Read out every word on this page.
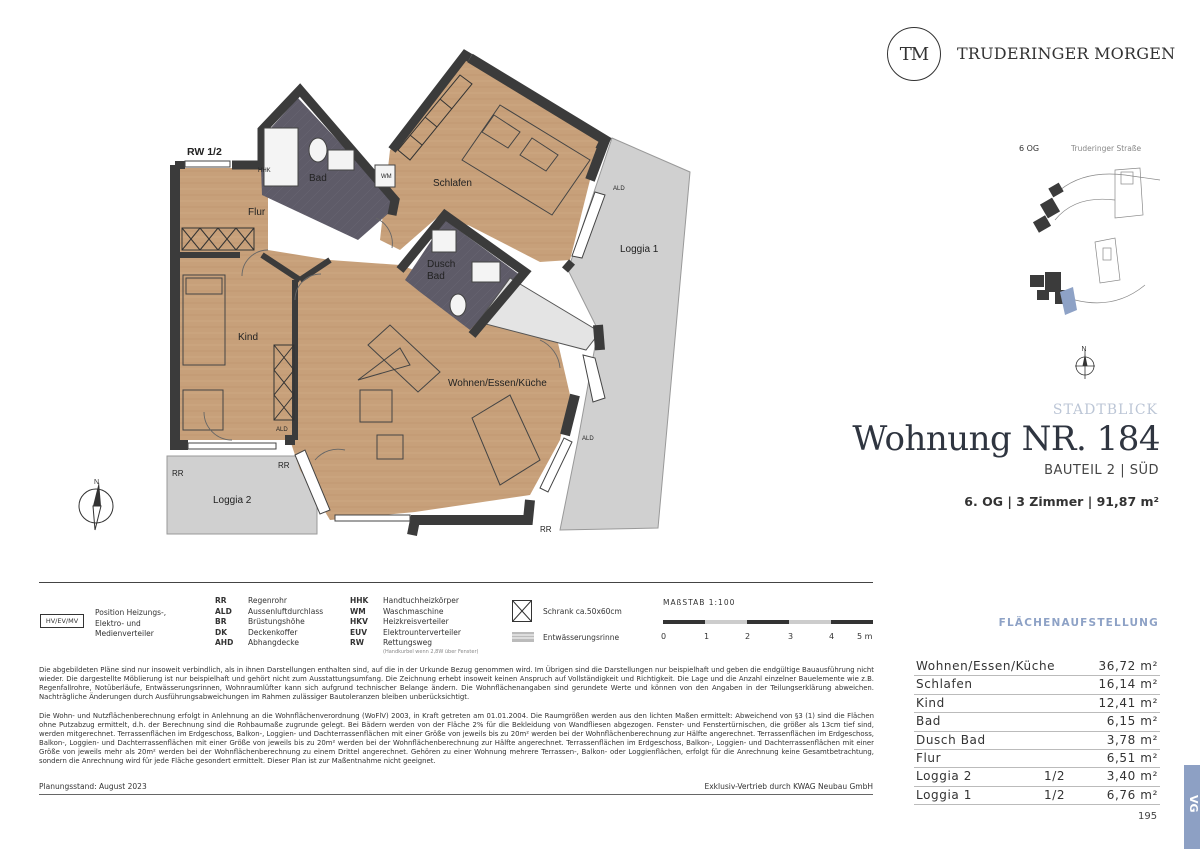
Flur
Bad	Schlafen
Dusch
Bad
Loggia 1
Kind
Wohnen/Essen/Küche
Loggia 2
RW 1/2
HHK
WM
ALD
ALD
ALD
RR
RR
RR
N
TM	TRUDERINGER MORGEN
6 OG	Truderinger Straße
N
STADTBLICK
Wohnung NR. 184
BAUTEIL 2 | SÜD
6. OG | 3 Zimmer | 91,87 m²
FLÄCHENAUFSTELLUNG
Wohnen/Essen/Küche	36,72 m²
Schlafen	16,14 m²
Kind	12,41 m²
Bad	6,15 m²
Dusch Bad	3,78 m²
Flur	6,51 m²
Loggia 2	1/2	3,40 m²
Loggia 1	1/2	6,76 m²
195
VG
HV/EV/MV
Position Heizungs-,
Elektro- und
Medienverteiler
RR	Regenrohr
ALD Aussenluftdurchlass
BR	Brüstungshöhe
DK	Deckenkoffer
AHD Abhangdecke
HHK Handtuchheizkörper
WM Waschmaschine
HKV Heizkreisverteiler
EUV Elektrounterverteiler
RW	Rettungsweg
(Handkurbel wenn 2,8W über Fenster)
Schrank ca.50x60cm
Entwässerungsrinne
MAßSTAB 1:100
0	1	2	3	4	5 m
Die abgebildeten Pläne sind nur insoweit verbindlich, als in ihnen Darstellungen enthalten sind, auf die in der Urkunde Bezug genommen wird. Im Übrigen sind die Darstellungen nur beispielhaft und geben die endgültige Bauausführung nicht wieder. Die dargestellte Möblierung ist nur beispielhaft und gehört nicht zum Ausstattungsumfang. Die Zeichnung erhebt insoweit keinen Anspruch auf Vollständigkeit und Richtigkeit. Die Lage und die Anzahl einzelner Bauelemente wie z.B. Regenfallrohre, Notüberläufe, Entwässerungsrinnen, Wohnraumlüfter kann sich aufgrund technischer Belange ändern. Die Wohnflächenangaben sind gerundete Werte und können von den Angaben in der Teilungserklärung abweichen. Nachträgliche Änderungen durch Ausführungsabweichungen im Rahmen zulässiger Bautoleranzen bleiben unberücksichtigt.
Die Wohn- und Nutzflächenberechnung erfolgt in Anlehnung an die Wohnflächenverordnung (WoFlV) 2003, in Kraft getreten am 01.01.2004. Die Raumgrößen werden aus den lichten Maßen ermittelt: Abweichend von §3 (1) sind die Flächen ohne Putzabzug ermittelt, d.h. der Berechnung sind die Rohbaumaße zugrunde gelegt. Bei Bädern werden von der Fläche 2% für die Bekleidung von Wandfliesen abgezogen. Fenster- und Fenstertürnischen, die größer als 13cm tief sind, werden mitgerechnet. Terrassenflächen im Erdgeschoss, Balkon-, Loggien- und Dachterrassenflächen mit einer Größe von jeweils bis zu 20m² werden bei der Wohnflächenberechnung zur Hälfte angerechnet. Terrassenflächen im Erdgeschoss, Balkon-, Loggien- und Dachterrassenflächen mit einer Größe von jeweils bis zu 20m² werden bei der Wohnflächenberechnung zur Hälfte angerechnet. Terrassenflächen im Erdgeschoss, Balkon-, Loggien- und Dachterrassenflächen mit einer Größe von jeweils mehr als 20m² werden bei der Wohnflächenberechnung zu einem Drittel angerechnet. Gehören zu einer Wohnung mehrere Terrassen-, Balkon- oder Loggienflächen, erfolgt für die Anrechnung keine Gesamtbetrachtung, sondern die Anrechnung wird für jede Fläche gesondert ermittelt. Dieser Plan ist zur Maßentnahme nicht geeignet.
Planungsstand: August 2023	Exklusiv-Vertrieb durch KWAG Neubau GmbH
